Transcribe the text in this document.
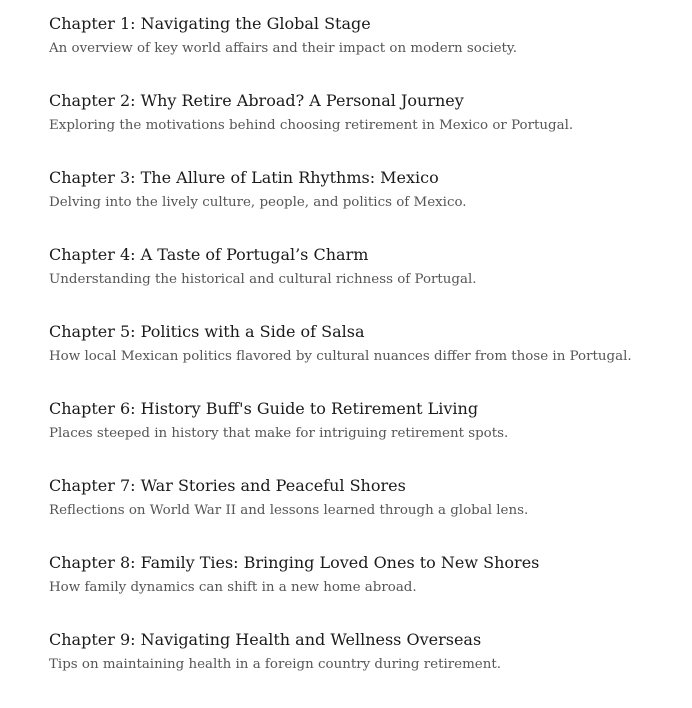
Chapter 1: Navigating the Global Stage

An overview of key world affairs and their impact on modern society.

Chapter 2: Why Retire Abroad? A Personal Journey

Exploring the motivations behind choosing retirement in Mexico or Portugal.

Chapter 3: The Allure of Latin Rhythms: Mexico

Delving into the lively culture, people, and politics of Mexico.

Chapter 4: A Taste of Portugal’s Charm

Understanding the historical and cultural richness of Portugal.

Chapter 5: Politics with a Side of Salsa

How local Mexican politics flavored by cultural nuances differ from those in Portugal.

Chapter 6: History Buff's Guide to Retirement Living

Places steeped in history that make for intriguing retirement spots.

Chapter 7: War Stories and Peaceful Shores

Reflections on World War II and lessons learned through a global lens.

Chapter 8: Family Ties: Bringing Loved Ones to New Shores

How family dynamics can shift in a new home abroad.

Chapter 9: Navigating Health and Wellness Overseas

Tips on maintaining health in a foreign country during retirement.
